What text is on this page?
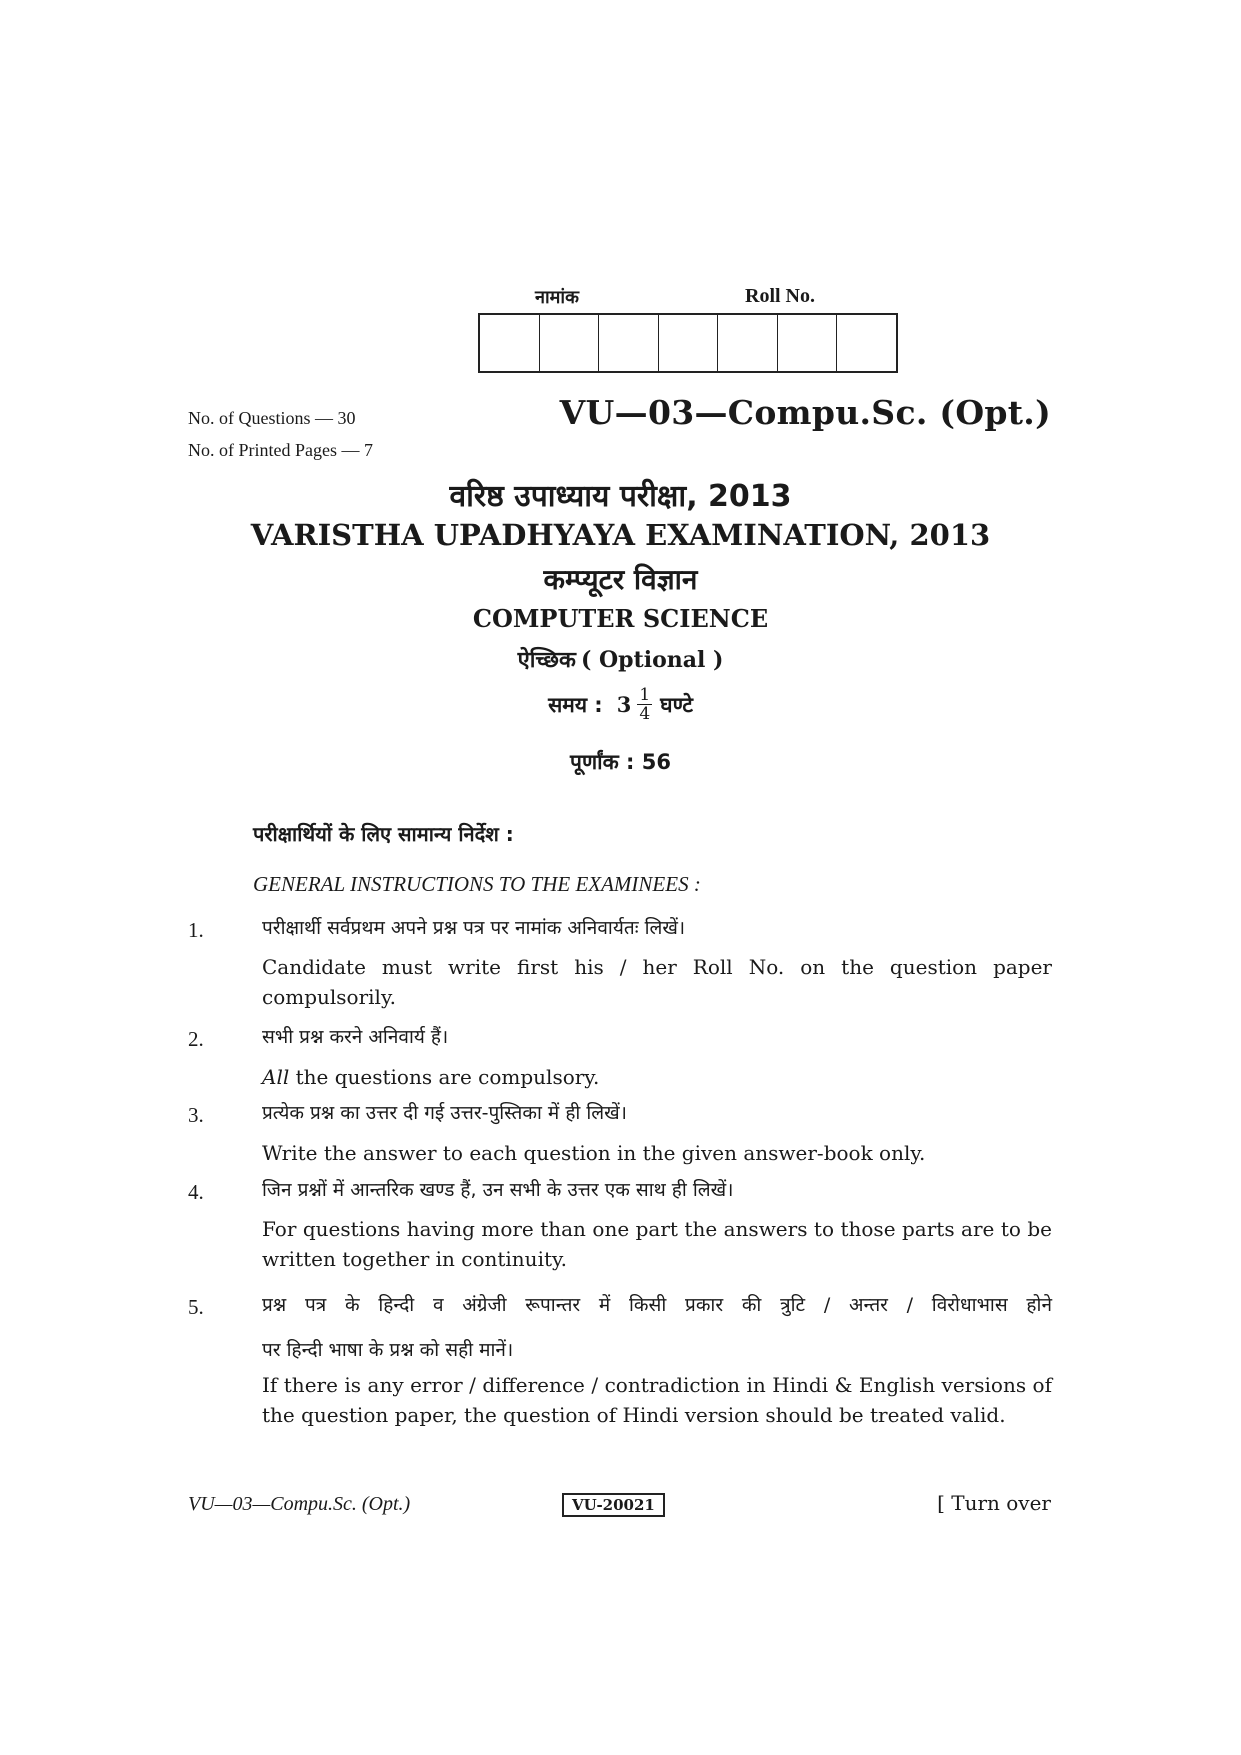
नामांक	Roll No.
No. of Questions — 30
No. of Printed Pages — 7
VU—03—Compu.Sc. (Opt.)
वरिष्ठ उपाध्याय परीक्षा, 2013
VARISTHA UPADHYAYA EXAMINATION, 2013
कम्प्यूटर विज्ञान
COMPUTER SCIENCE
ऐच्छिक ( Optional )
समय : $3 \frac{1}{4}$ घण्टे
पूर्णांक : 56
परीक्षार्थियों के लिए सामान्य निर्देश :
GENERAL INSTRUCTIONS TO THE EXAMINEES :
1.	परीक्षार्थी सर्वप्रथम अपने प्रश्न पत्र पर नामांक अनिवार्यतः लिखें।
Candidate must write first his / her Roll No. on the question paper compulsorily.
2.	सभी प्रश्न करने अनिवार्य हैं।
All the questions are compulsory.
3.	प्रत्येक प्रश्न का उत्तर दी गई उत्तर-पुस्तिका में ही लिखें।
Write the answer to each question in the given answer-book only.
4.	जिन प्रश्नों में आन्तरिक खण्ड हैं, उन सभी के उत्तर एक साथ ही लिखें।
For questions having more than one part the answers to those parts are to be written together in continuity.
5.	प्रश्न पत्र के हिन्दी व अंग्रेजी रूपान्तर में किसी प्रकार की त्रुटि / अन्तर / विरोधाभास होने
पर हिन्दी भाषा के प्रश्न को सही मानें।
If there is any error / difference / contradiction in Hindi & English versions of the question paper, the question of Hindi version should be treated valid.
VU—03—Compu.Sc. (Opt.)	VU-20021	[ Turn over
